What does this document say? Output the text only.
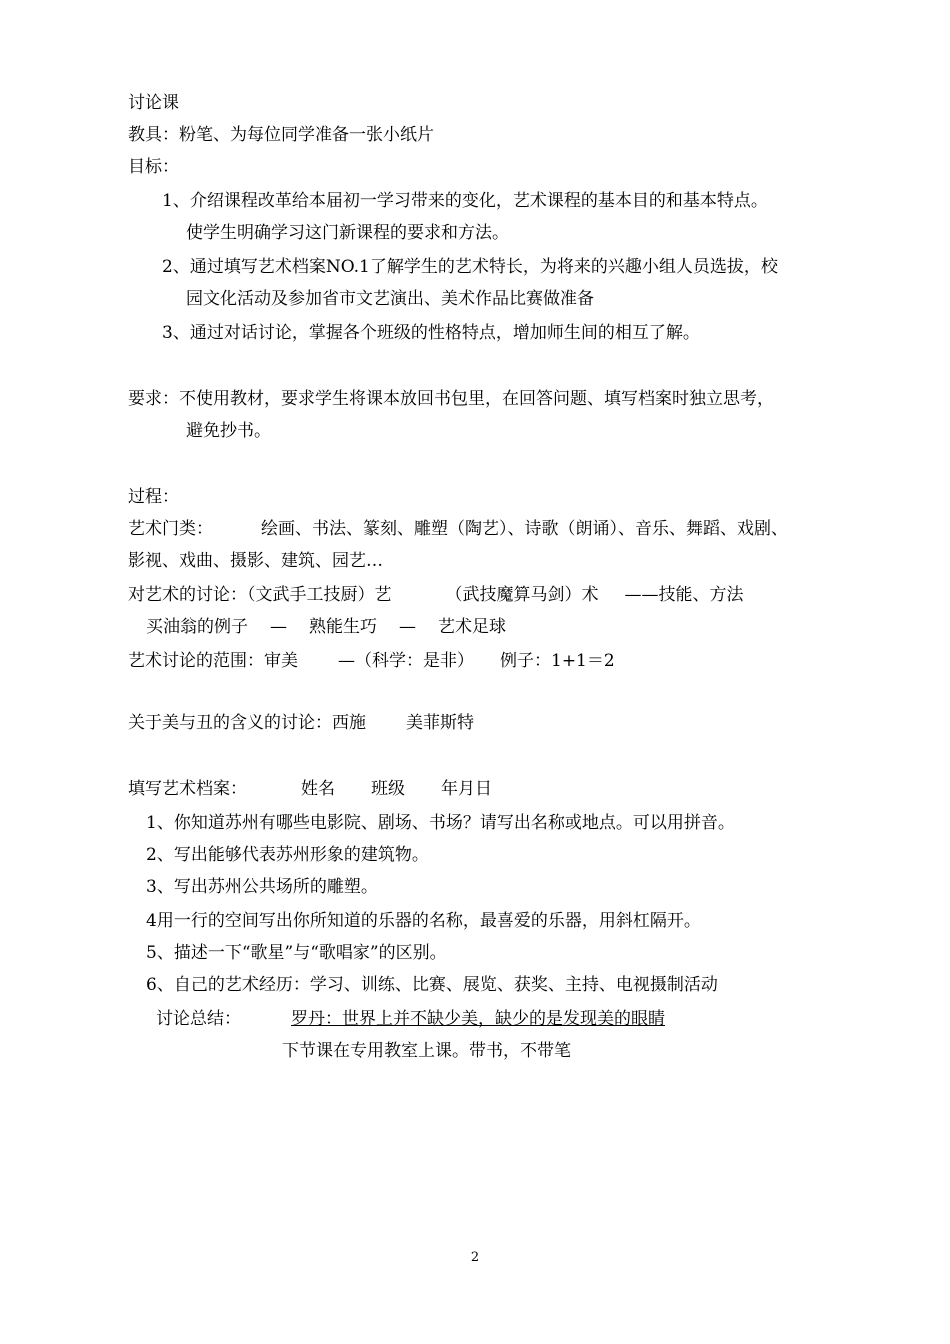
讨论课
教具：粉笔、为每位同学准备一张小纸片
目标：
1、介绍课程改革给本届初一学习带来的变化，艺术课程的基本目的和基本特点。
使学生明确学习这门新课程的要求和方法。
2、通过填写艺术档案NO.1了解学生的艺术特长，为将来的兴趣小组人员选拔，校
园文化活动及参加省市文艺演出、美术作品比赛做准备
3、通过对话讨论，掌握各个班级的性格特点，增加师生间的相互了解。
要求：不使用教材，要求学生将课本放回书包里，在回答问题、填写档案时独立思考，
避免抄书。
过程：
艺术门类：	绘画、书法、篆刻、雕塑（陶艺）、诗歌（朗诵）、音乐、舞蹈、戏剧、
影视、戏曲、摄影、建筑、园艺…
对艺术的讨论：（文武手工技厨）艺	（武技魔算马剑）术 ——技能、方法
买油翁的例子 — 熟能生巧 — 艺术足球
艺术讨论的范围：审美 —（科学：是非） 例子：1+1＝2
关于美与丑的含义的讨论：西施 美菲斯特
填写艺术档案：	姓名 班级 年月日
1、你知道苏州有哪些电影院、剧场、书场？请写出名称或地点。可以用拼音。
2、写出能够代表苏州形象的建筑物。
3、写出苏州公共场所的雕塑。
4用一行的空间写出你所知道的乐器的名称，最喜爱的乐器，用斜杠隔开。
5、描述一下“歌星”与“歌唱家”的区别。
6、自己的艺术经历：学习、训练、比赛、展览、获奖、主持、电视摄制活动
讨论总结：	罗丹：世界上并不缺少美，缺少的是发现美的眼睛
下节课在专用教室上课。带书，不带笔
2
